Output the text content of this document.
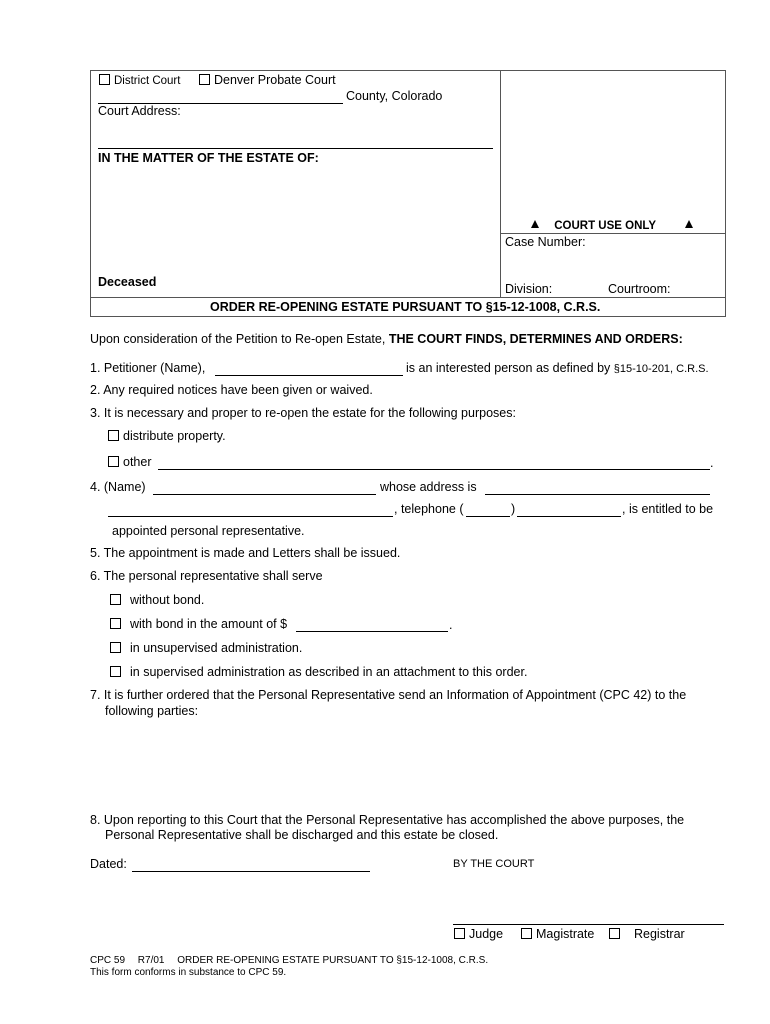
District Court	Denver Probate Court
County, Colorado
Court Address:
IN THE MATTER OF THE ESTATE OF:
Deceased
COURT USE ONLY
Case Number:
Division:	Courtroom:
ORDER RE-OPENING ESTATE PURSUANT TO §15-12-1008, C.R.S.
Upon consideration of the Petition to Re-open Estate, THE COURT FINDS, DETERMINES AND ORDERS:
1. Petitioner (Name),	is an interested person as defined by §15-10-201, C.R.S.
2. Any required notices have been given or waived.
3. It is necessary and proper to re-open the estate for the following purposes:
distribute property.
other	.
4. (Name)	whose address is
, telephone (	)	, is entitled to be
appointed personal representative.
5. The appointment is made and Letters shall be issued.
6. The personal representative shall serve
without bond.
with bond in the amount of $	.
in unsupervised administration.
in supervised administration as described in an attachment to this order.
7. It is further ordered that the Personal Representative send an Information of Appointment (CPC 42) to the
following parties:
8. Upon reporting to this Court that the Personal Representative has accomplished the above purposes, the
Personal Representative shall be discharged and this estate be closed.
Dated:	BY THE COURT
Judge	Magistrate	Registrar
CPC 59 R7/01 ORDER RE-OPENING ESTATE PURSUANT TO §15-12-1008, C.R.S.
This form conforms in substance to CPC 59.
